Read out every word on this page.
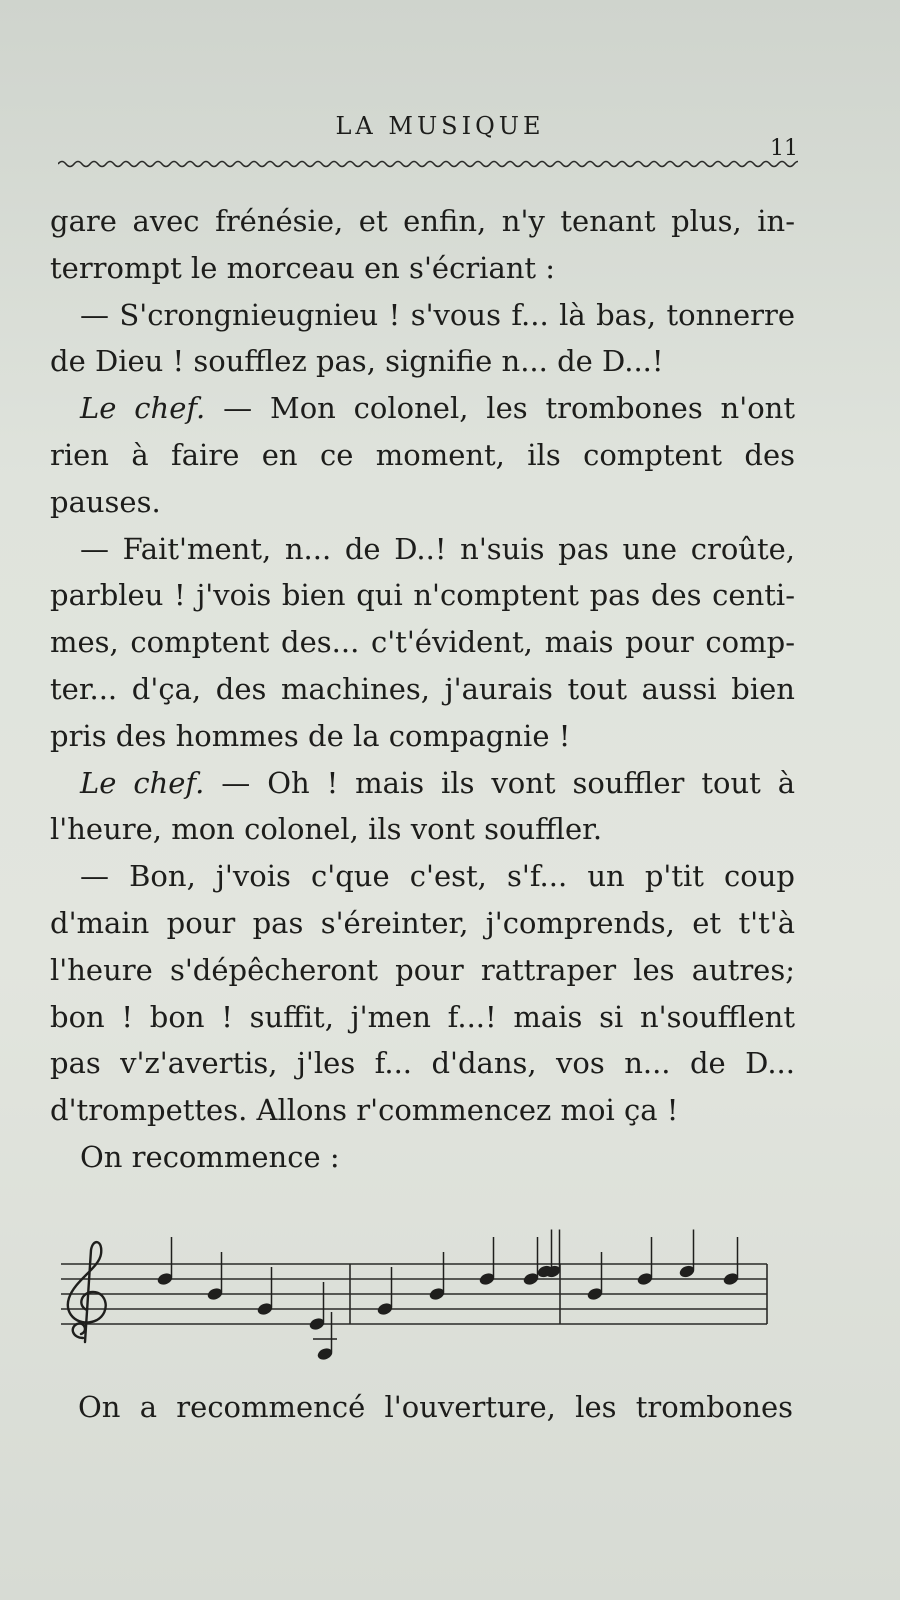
LA MUSIQUE
11

gare avec frénésie, et enfin, n'y tenant plus, in-
terrompt le morceau en s'écriant :

— S'crongnieugnieu ! s'vous f... là bas, tonnerre
de Dieu ! soufflez pas, signifie n... de D...!

Le chef. — Mon colonel, les trombones n'ont
rien à faire en ce moment, ils comptent des
pauses.

— Fait'ment, n... de D..! n'suis pas une croûte,
parbleu ! j'vois bien qui n'comptent pas des centi-
mes, comptent des... c't'évident, mais pour comp-
ter... d'ça, des machines, j'aurais tout aussi bien
pris des hommes de la compagnie !

Le chef. — Oh ! mais ils vont souffler tout à
l'heure, mon colonel, ils vont souffler.

— Bon, j'vois c'que c'est, s'f... un p'tit coup
d'main pour pas s'éreinter, j'comprends, et t't'à
l'heure s'dépêcheront pour rattraper les autres;
bon ! bon ! suffit, j'men f...! mais si n'soufflent
pas v'z'avertis, j'les f... d'dans, vos n... de D...
d'trompettes. Allons r'commencez moi ça !

On recommence :

On a recommencé l'ouverture, les trombones
